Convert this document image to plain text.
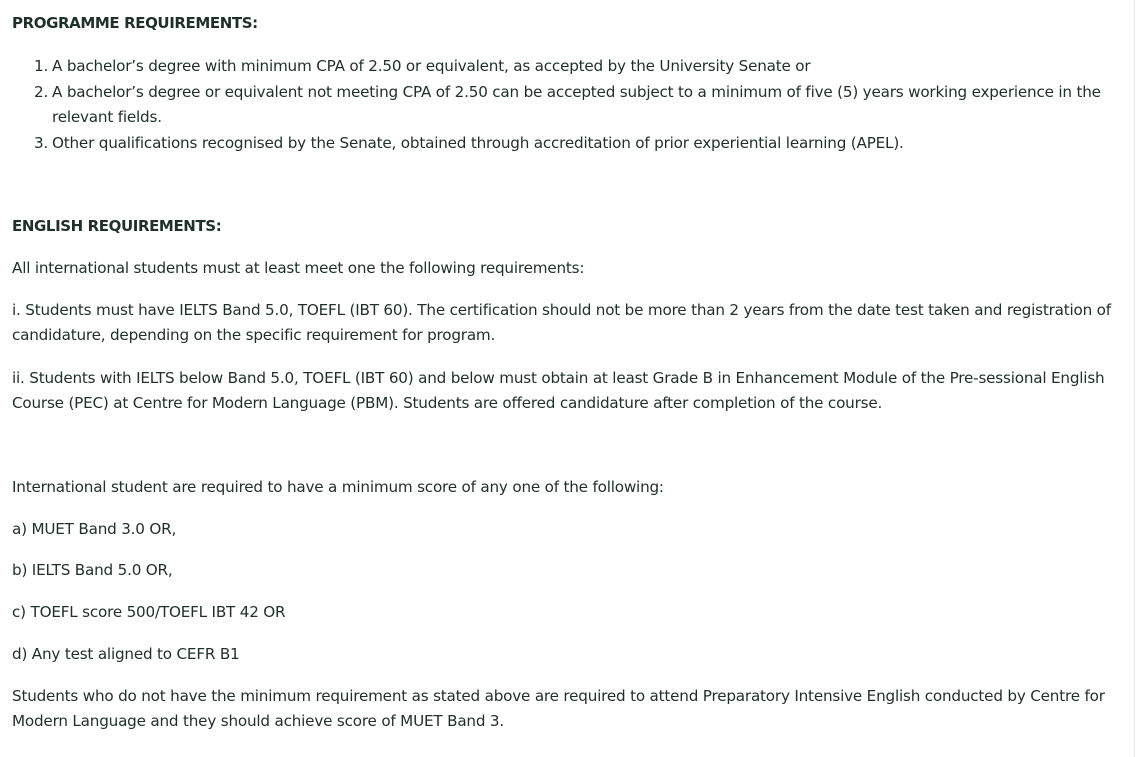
PROGRAMME REQUIREMENTS:
1. A bachelor’s degree with minimum CPA of 2.50 or equivalent, as accepted by the University Senate or
2. A bachelor’s degree or equivalent not meeting CPA of 2.50 can be accepted subject to a minimum of five (5) years working experience in the relevant fields.
3. Other qualifications recognised by the Senate, obtained through accreditation of prior experiential learning (APEL).
ENGLISH REQUIREMENTS:

All international students must at least meet one the following requirements:

i. Students must have IELTS Band 5.0, TOEFL (IBT 60). The certification should not be more than 2 years from the date test taken and registration of candidature, depending on the specific requirement for program.

ii. Students with IELTS below Band 5.0, TOEFL (IBT 60) and below must obtain at least Grade B in Enhancement Module of the Pre-sessional English Course (PEC) at Centre for Modern Language (PBM). Students are offered candidature after completion of the course.

International student are required to have a minimum score of any one of the following:

a) MUET Band 3.0 OR,

b) IELTS Band 5.0 OR,

c) TOEFL score 500/TOEFL IBT 42 OR

d) Any test aligned to CEFR B1

Students who do not have the minimum requirement as stated above are required to attend Preparatory Intensive English conducted by Centre for Modern Language and they should achieve score of MUET Band 3.
